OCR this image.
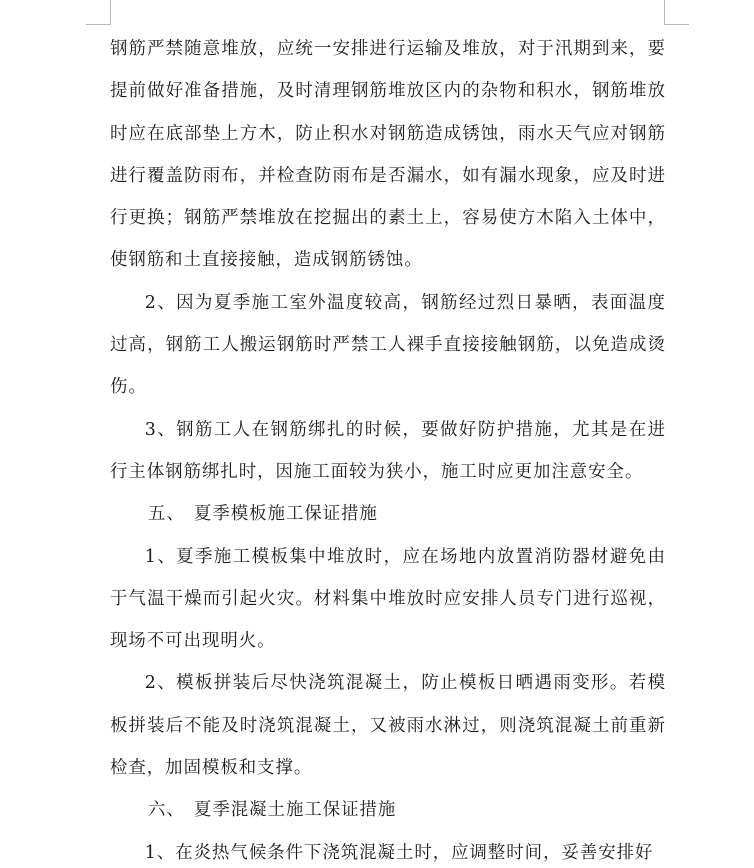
钢筋严禁随意堆放，应统一安排进行运输及堆放，对于汛期到来，要提前做好准备措施，及时清理钢筋堆放区内的杂物和积水，钢筋堆放时应在底部垫上方木，防止积水对钢筋造成锈蚀，雨水天气应对钢筋进行覆盖防雨布，并检查防雨布是否漏水，如有漏水现象，应及时进行更换；钢筋严禁堆放在挖掘出的素土上，容易使方木陷入土体中，使钢筋和土直接接触，造成钢筋锈蚀。

2、因为夏季施工室外温度较高，钢筋经过烈日暴晒，表面温度过高，钢筋工人搬运钢筋时严禁工人裸手直接接触钢筋，以免造成烫伤。

3、钢筋工人在钢筋绑扎的时候，要做好防护措施，尤其是在进行主体钢筋绑扎时，因施工面较为狭小，施工时应更加注意安全。

五、 夏季模板施工保证措施

1、夏季施工模板集中堆放时，应在场地内放置消防器材避免由于气温干燥而引起火灾。材料集中堆放时应安排人员专门进行巡视，现场不可出现明火。

2、模板拼装后尽快浇筑混凝土，防止模板日晒遇雨变形。若模板拼装后不能及时浇筑混凝土，又被雨水淋过，则浇筑混凝土前重新检查，加固模板和支撑。

六、 夏季混凝土施工保证措施

1、在炎热气候条件下浇筑混凝土时，应调整时间，妥善安排好
